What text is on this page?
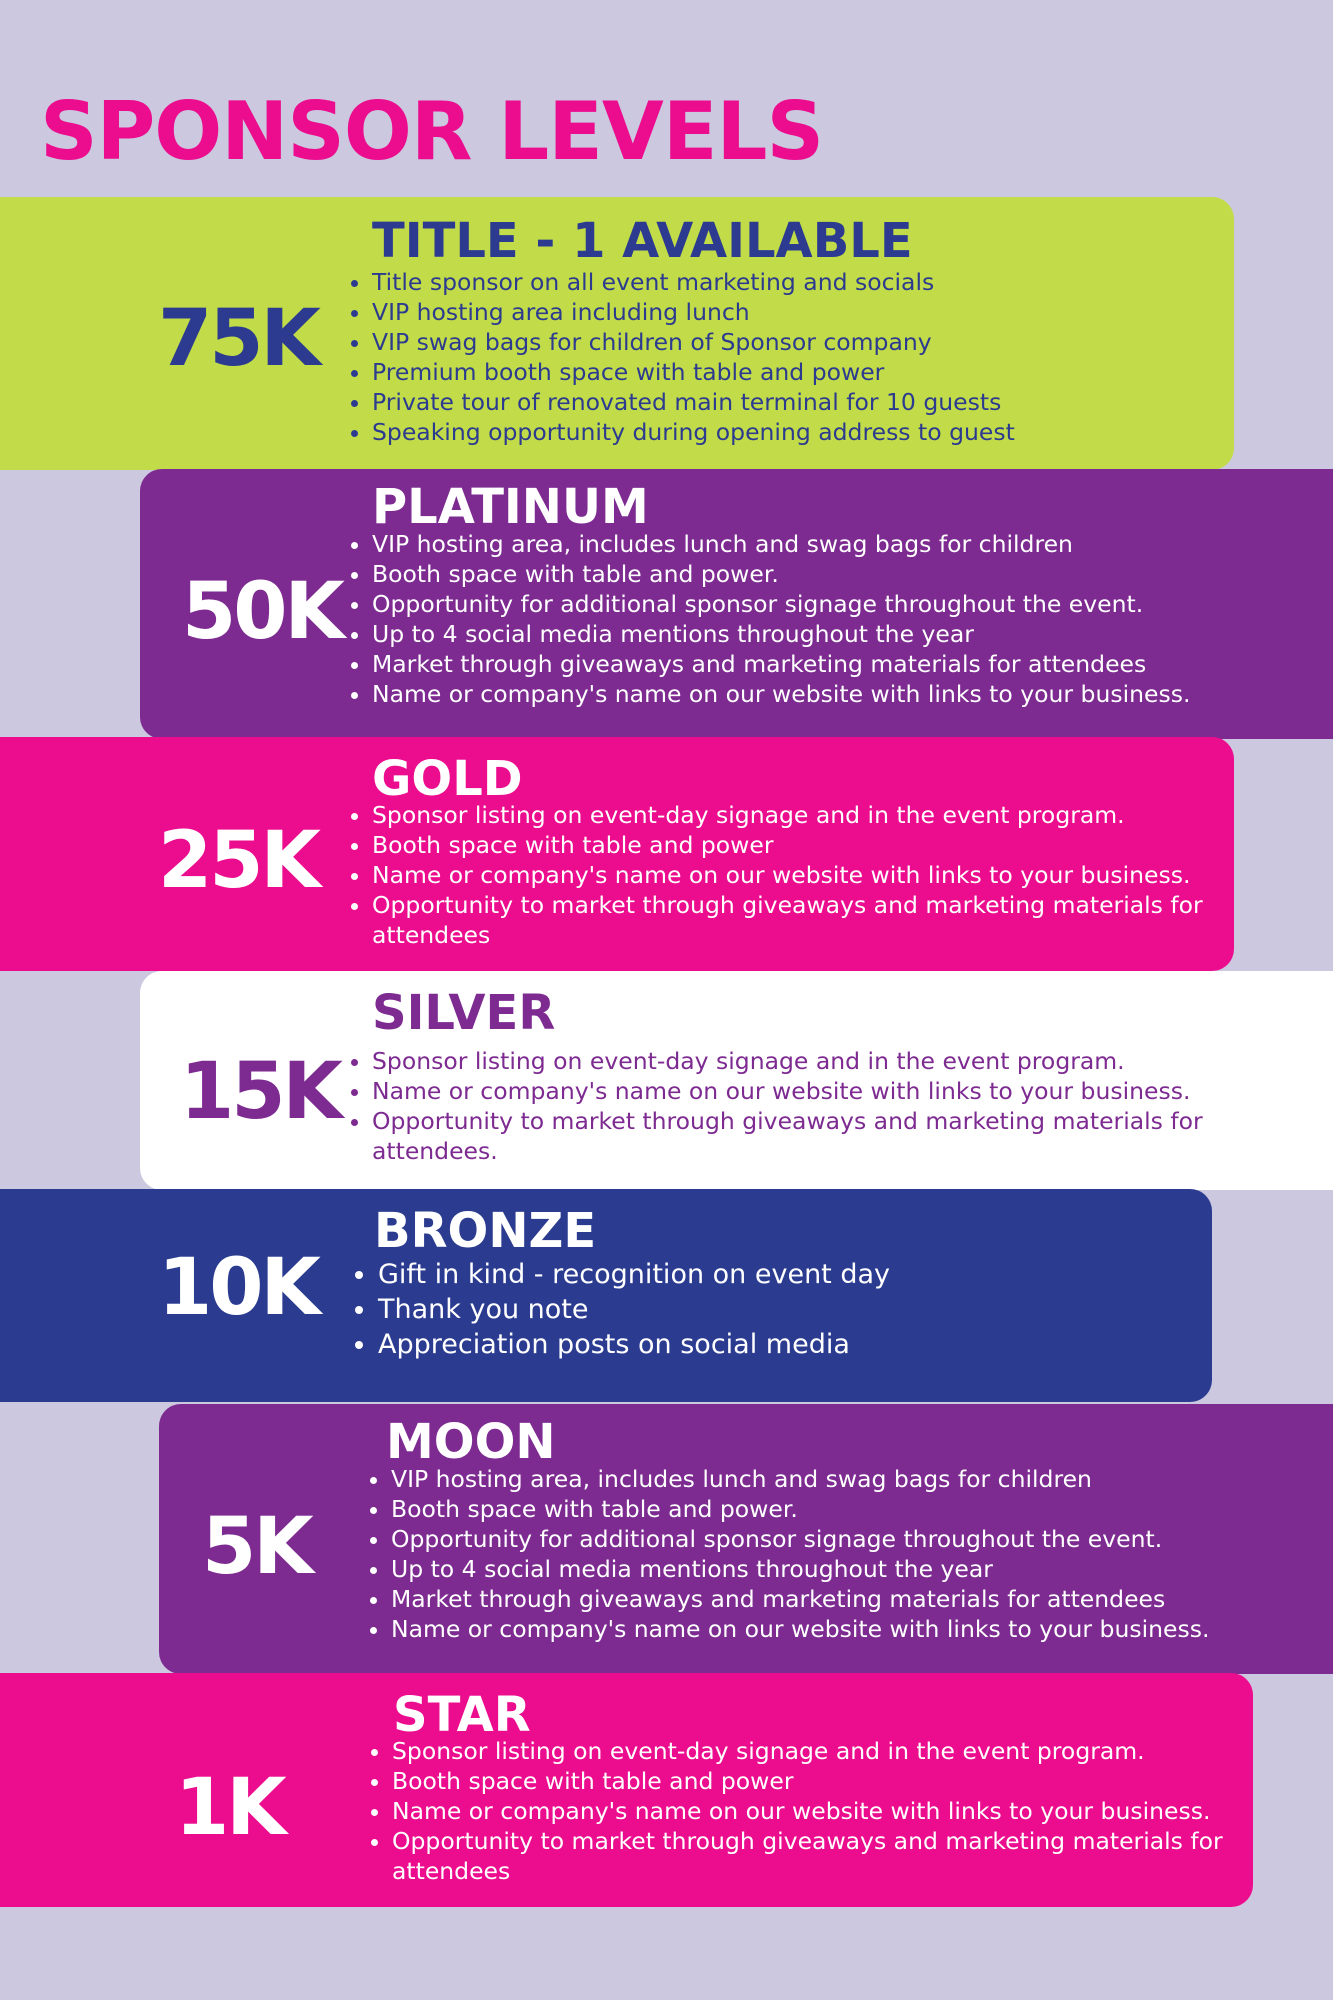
SPONSOR LEVELS
75K
TITLE - 1 AVAILABLE
• Title sponsor on all event marketing and socials
• VIP hosting area including lunch
• VIP swag bags for children of Sponsor company
• Premium booth space with table and power
• Private tour of renovated main terminal for 10 guests
• Speaking opportunity during opening address to guest
50K
PLATINUM
• VIP hosting area, includes lunch and swag bags for children
• Booth space with table and power.
• Opportunity for additional sponsor signage throughout the event.
• Up to 4 social media mentions throughout the year
• Market through giveaways and marketing materials for attendees
• Name or company's name on our website with links to your business.
25K
GOLD
• Sponsor listing on event-day signage and in the event program.
• Booth space with table and power
• Name or company's name on our website with links to your business.
• Opportunity to market through giveaways and marketing materials for attendees
15K
SILVER
• Sponsor listing on event-day signage and in the event program.
• Name or company's name on our website with links to your business.
• Opportunity to market through giveaways and marketing materials for attendees.
10K
BRONZE
• Gift in kind - recognition on event day
• Thank you note
• Appreciation posts on social media
5K
MOON
• VIP hosting area, includes lunch and swag bags for children
• Booth space with table and power.
• Opportunity for additional sponsor signage throughout the event.
• Up to 4 social media mentions throughout the year
• Market through giveaways and marketing materials for attendees
• Name or company's name on our website with links to your business.
1K
STAR
• Sponsor listing on event-day signage and in the event program.
• Booth space with table and power
• Name or company's name on our website with links to your business.
• Opportunity to market through giveaways and marketing materials for attendees
